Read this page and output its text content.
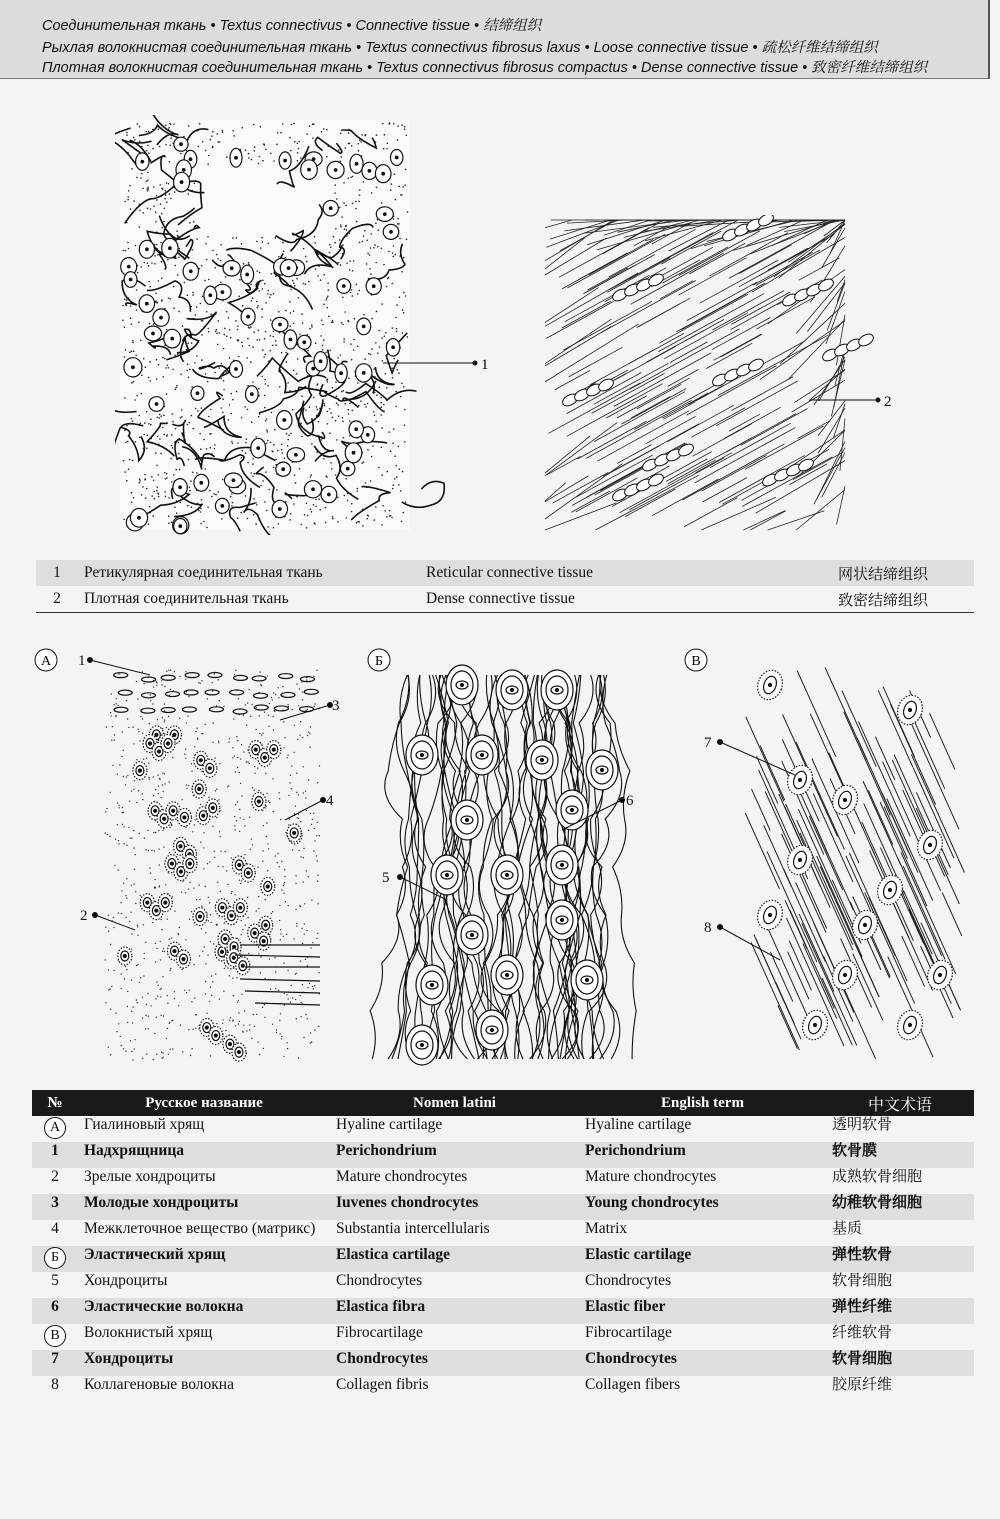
Соединительная ткань • Textus connectivus • Connective tissue • 结缔组织
Рыхлая волокнистая соединительная ткань • Textus connectivus fibrosus laxus • Loose connective tissue • 疏松纤维结缔组织
Плотная волокнистая соединительная ткань • Textus connectivus fibrosus compactus • Dense connective tissue • 致密纤维结缔组织
1
2
1	Ретикулярная соединительная ткань	Reticular connective tissue	网状结缔组织
2	Плотная соединительная ткань	Dense connective tissue	致密结缔组织
A 1
3
4
2
Б
5
6
B
7
8
№	Русское название	Nomen latini	English term	中文术语
A	Гиалиновый хрящ	Hyaline cartilage	Hyaline cartilage	透明软骨
1	Надхрящница	Perichondrium	Perichondrium	软骨膜
2	Зрелые хондроциты	Mature chondrocytes	Mature chondrocytes	成熟软骨细胞
3	Молодые хондроциты	Iuvenes chondrocytes	Young chondrocytes	幼稚软骨细胞
4	Межклеточное вещество (матрикс)	Substantia intercellularis	Matrix	基质
Б	Эластический хрящ	Elastica cartilage	Elastic cartilage	弹性软骨
5	Хондроциты	Chondrocytes	Chondrocytes	软骨细胞
6	Эластические волокна	Elastica fibra	Elastic fiber	弹性纤维
B	Волокнистый хрящ	Fibrocartilage	Fibrocartilage	纤维软骨
7	Хондроциты	Chondrocytes	Chondrocytes	软骨细胞
8	Коллагеновые волокна	Collagen fibris	Collagen fibers	胶原纤维
